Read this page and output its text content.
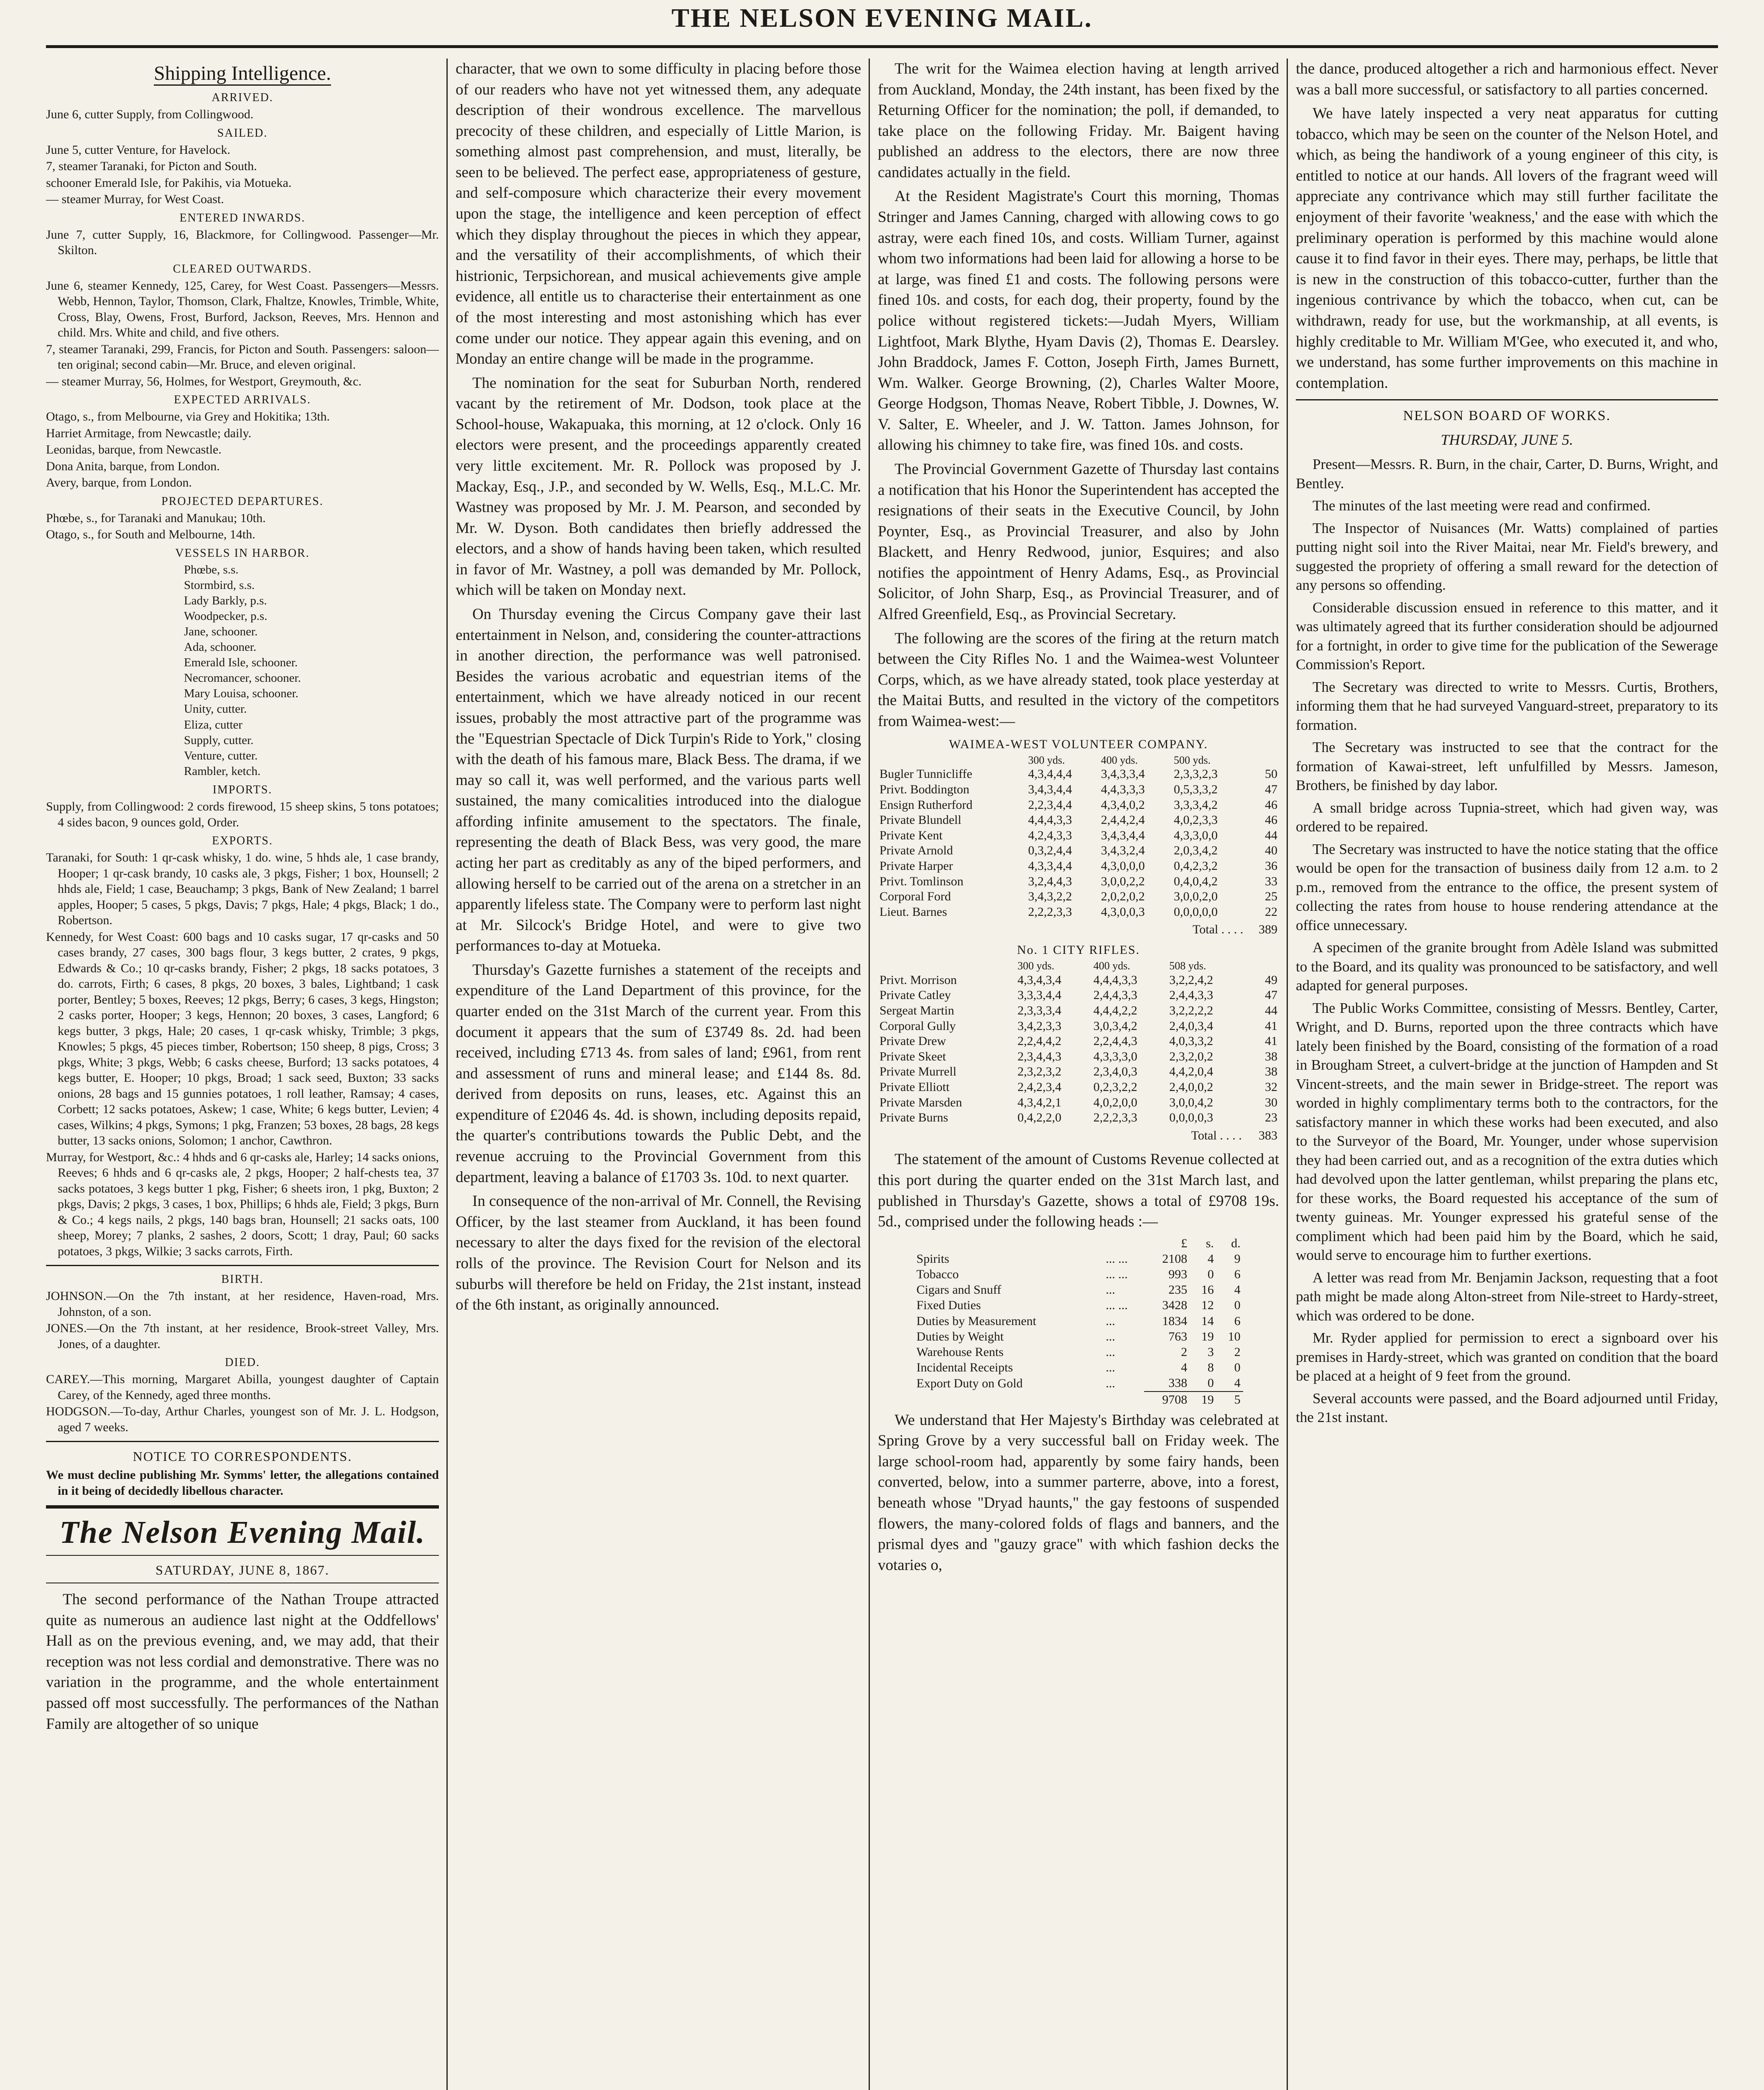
THE NELSON EVENING MAIL.
Shipping Intelligence.
ARRIVED.

June 6, cutter Supply, from Collingwood.

SAILED.

June 5, cutter Venture, for Havelock.

7, steamer Taranaki, for Picton and South.

schooner Emerald Isle, for Pakihis, via Motueka.

— steamer Murray, for West Coast.

ENTERED INWARDS.

June 7, cutter Supply, 16, Blackmore, for Collingwood. Passenger—Mr. Skilton.

CLEARED OUTWARDS.

June 6, steamer Kennedy, 125, Carey, for West Coast. Passengers—Messrs. Webb, Hennon, Taylor, Thomson, Clark, Fhaltze, Knowles, Trimble, White, Cross, Blay, Owens, Frost, Burford, Jackson, Reeves, Mrs. Hennon and child. Mrs. White and child, and five others.

7, steamer Taranaki, 299, Francis, for Picton and South. Passengers: saloon—ten original; second cabin—Mr. Bruce, and eleven original.

— steamer Murray, 56, Holmes, for Westport, Greymouth, &c.

EXPECTED ARRIVALS.

Otago, s., from Melbourne, via Grey and Hokitika; 13th.

Harriet Armitage, from Newcastle; daily.

Leonidas, barque, from Newcastle.

Dona Anita, barque, from London.

Avery, barque, from London.

PROJECTED DEPARTURES.

Phœbe, s., for Taranaki and Manukau; 10th.

Otago, s., for South and Melbourne, 14th.

VESSELS IN HARBOR.
Phœbe, s.s.
Stormbird, s.s.
Lady Barkly, p.s.
Woodpecker, p.s.
Jane, schooner.
Ada, schooner.
Emerald Isle, schooner.
Necromancer, schooner.
Mary Louisa, schooner.
Unity, cutter.
Eliza, cutter
Supply, cutter.
Venture, cutter.
Rambler, ketch.
IMPORTS.

Supply, from Collingwood: 2 cords firewood, 15 sheep skins, 5 tons potatoes; 4 sides bacon, 9 ounces gold, Order.

EXPORTS.

Taranaki, for South: 1 qr-cask whisky, 1 do. wine, 5 hhds ale, 1 case brandy, Hooper; 1 qr-cask brandy, 10 casks ale, 3 pkgs, Fisher; 1 box, Hounsell; 2 hhds ale, Field; 1 case, Beauchamp; 3 pkgs, Bank of New Zealand; 1 barrel apples, Hooper; 5 cases, 5 pkgs, Davis; 7 pkgs, Hale; 4 pkgs, Black; 1 do., Robertson.

Kennedy, for West Coast: 600 bags and 10 casks sugar, 17 qr-casks and 50 cases brandy, 27 cases, 300 bags flour, 3 kegs butter, 2 crates, 9 pkgs, Edwards & Co.; 10 qr-casks brandy, Fisher; 2 pkgs, 18 sacks potatoes, 3 do. carrots, Firth; 6 cases, 8 pkgs, 20 boxes, 3 bales, Lightband; 1 cask porter, Bentley; 5 boxes, Reeves; 12 pkgs, Berry; 6 cases, 3 kegs, Hingston; 2 casks porter, Hooper; 3 kegs, Hennon; 20 boxes, 3 cases, Langford; 6 kegs butter, 3 pkgs, Hale; 20 cases, 1 qr-cask whisky, Trimble; 3 pkgs, Knowles; 5 pkgs, 45 pieces timber, Robertson; 150 sheep, 8 pigs, Cross; 3 pkgs, White; 3 pkgs, Webb; 6 casks cheese, Burford; 13 sacks potatoes, 4 kegs butter, E. Hooper; 10 pkgs, Broad; 1 sack seed, Buxton; 33 sacks onions, 28 bags and 15 gunnies potatoes, 1 roll leather, Ramsay; 4 cases, Corbett; 12 sacks potatoes, Askew; 1 case, White; 6 kegs butter, Levien; 4 cases, Wilkins; 4 pkgs, Symons; 1 pkg, Franzen; 53 boxes, 28 bags, 28 kegs butter, 13 sacks onions, Solomon; 1 anchor, Cawthron.

Murray, for Westport, &c.: 4 hhds and 6 qr-casks ale, Harley; 14 sacks onions, Reeves; 6 hhds and 6 qr-casks ale, 2 pkgs, Hooper; 2 half-chests tea, 37 sacks potatoes, 3 kegs butter 1 pkg, Fisher; 6 sheets iron, 1 pkg, Buxton; 2 pkgs, Davis; 2 pkgs, 3 cases, 1 box, Phillips; 6 hhds ale, Field; 3 pkgs, Burn & Co.; 4 kegs nails, 2 pkgs, 140 bags bran, Hounsell; 21 sacks oats, 100 sheep, Morey; 7 planks, 2 sashes, 2 doors, Scott; 1 dray, Paul; 60 sacks potatoes, 3 pkgs, Wilkie; 3 sacks carrots, Firth.

BIRTH.

JOHNSON.—On the 7th instant, at her residence, Haven-road, Mrs. Johnston, of a son.

JONES.—On the 7th instant, at her residence, Brook-street Valley, Mrs. Jones, of a daughter.

DIED.

CAREY.—This morning, Margaret Abilla, youngest daughter of Captain Carey, of the Kennedy, aged three months.

HODGSON.—To-day, Arthur Charles, youngest son of Mr. J. L. Hodgson, aged 7 weeks.

NOTICE TO CORRESPONDENTS.

We must decline publishing Mr. Symms' letter, the allegations contained in it being of decidedly libellous character.

The Nelson Evening Mail.
SATURDAY, JUNE 8, 1867.

The second performance of the Nathan Troupe attracted quite as numerous an audience last night at the Oddfellows' Hall as on the previous evening, and, we may add, that their reception was not less cordial and demonstrative. There was no variation in the programme, and the whole entertainment passed off most successfully. The performances of the Nathan Family are altogether of so unique

character, that we own to some difficulty in placing before those of our readers who have not yet witnessed them, any adequate description of their wondrous excellence. The marvellous precocity of these children, and especially of Little Marion, is something almost past comprehension, and must, literally, be seen to be believed. The perfect ease, appropriateness of gesture, and self-composure which characterize their every movement upon the stage, the intelligence and keen perception of effect which they display throughout the pieces in which they appear, and the versatility of their accomplishments, of which their histrionic, Terpsichorean, and musical achievements give ample evidence, all entitle us to characterise their entertainment as one of the most interesting and most astonishing which has ever come under our notice. They appear again this evening, and on Monday an entire change will be made in the programme.

The nomination for the seat for Suburban North, rendered vacant by the retirement of Mr. Dodson, took place at the School-house, Wakapuaka, this morning, at 12 o'clock. Only 16 electors were present, and the proceedings apparently created very little excitement. Mr. R. Pollock was proposed by J. Mackay, Esq., J.P., and seconded by W. Wells, Esq., M.L.C. Mr. Wastney was proposed by Mr. J. M. Pearson, and seconded by Mr. W. Dyson. Both candidates then briefly addressed the electors, and a show of hands having been taken, which resulted in favor of Mr. Wastney, a poll was demanded by Mr. Pollock, which will be taken on Monday next.

On Thursday evening the Circus Company gave their last entertainment in Nelson, and, considering the counter-attractions in another direction, the performance was well patronised. Besides the various acrobatic and equestrian items of the entertainment, which we have already noticed in our recent issues, probably the most attractive part of the programme was the "Equestrian Spectacle of Dick Turpin's Ride to York," closing with the death of his famous mare, Black Bess. The drama, if we may so call it, was well performed, and the various parts well sustained, the many comicalities introduced into the dialogue affording infinite amusement to the spectators. The finale, representing the death of Black Bess, was very good, the mare acting her part as creditably as any of the biped performers, and allowing herself to be carried out of the arena on a stretcher in an apparently lifeless state. The Company were to perform last night at Mr. Silcock's Bridge Hotel, and were to give two performances to-day at Motueka.

Thursday's Gazette furnishes a statement of the receipts and expenditure of the Land Department of this province, for the quarter ended on the 31st March of the current year. From this document it appears that the sum of £3749 8s. 2d. had been received, including £713 4s. from sales of land; £961, from rent and assessment of runs and mineral lease; and £144 8s. 8d. derived from deposits on runs, leases, etc. Against this an expenditure of £2046 4s. 4d. is shown, including deposits repaid, the quarter's contributions towards the Public Debt, and the revenue accruing to the Provincial Government from this department, leaving a balance of £1703 3s. 10d. to next quarter.

In consequence of the non-arrival of Mr. Connell, the Revising Officer, by the last steamer from Auckland, it has been found necessary to alter the days fixed for the revision of the electoral rolls of the province. The Revision Court for Nelson and its suburbs will therefore be held on Friday, the 21st instant, instead of the 6th instant, as originally announced.

The writ for the Waimea election having at length arrived from Auckland, Monday, the 24th instant, has been fixed by the Returning Officer for the nomination; the poll, if demanded, to take place on the following Friday. Mr. Baigent having published an address to the electors, there are now three candidates actually in the field.

At the Resident Magistrate's Court this morning, Thomas Stringer and James Canning, charged with allowing cows to go astray, were each fined 10s, and costs. William Turner, against whom two informations had been laid for allowing a horse to be at large, was fined £1 and costs. The following persons were fined 10s. and costs, for each dog, their property, found by the police without registered tickets:—Judah Myers, William Lightfoot, Mark Blythe, Hyam Davis (2), Thomas E. Dearsley. John Braddock, James F. Cotton, Joseph Firth, James Burnett, Wm. Walker. George Browning, (2), Charles Walter Moore, George Hodgson, Thomas Neave, Robert Tibble, J. Downes, W. V. Salter, E. Wheeler, and J. W. Tatton. James Johnson, for allowing his chimney to take fire, was fined 10s. and costs.

The Provincial Government Gazette of Thursday last contains a notification that his Honor the Superintendent has accepted the resignations of their seats in the Executive Council, by John Poynter, Esq., as Provincial Treasurer, and also by John Blackett, and Henry Redwood, junior, Esquires; and also notifies the appointment of Henry Adams, Esq., as Provincial Solicitor, of John Sharp, Esq., as Provincial Treasurer, and of Alfred Greenfield, Esq., as Provincial Secretary.

The following are the scores of the firing at the return match between the City Rifles No. 1 and the Waimea-west Volunteer Corps, which, as we have already stated, took place yesterday at the Maitai Butts, and resulted in the victory of the competitors from Waimea-west:—

WAIMEA-WEST VOLUNTEER COMPANY.
	300 yds.	400 yds.	500 yds.	
Bugler Tunnicliffe	4,3,4,4,4	3,4,3,3,4	2,3,3,2,3	50
Privt. Boddington	3,4,3,4,4	4,4,3,3,3	0,5,3,3,2	47
Ensign Rutherford	2,2,3,4,4	4,3,4,0,2	3,3,3,4,2	46
Private Blundell	4,4,4,3,3	2,4,4,2,4	4,0,2,3,3	46
Private Kent	4,2,4,3,3	3,4,3,4,4	4,3,3,0,0	44
Private Arnold	0,3,2,4,4	3,4,3,2,4	2,0,3,4,2	40
Private Harper	4,3,3,4,4	4,3,0,0,0	0,4,2,3,2	36
Privt. Tomlinson	3,2,4,4,3	3,0,0,2,2	0,4,0,4,2	33
Corporal Ford	3,4,3,2,2	2,0,2,0,2	3,0,0,2,0	25
Lieut. Barnes	2,2,2,3,3	4,3,0,0,3	0,0,0,0,0	22
		Total . . . .		389
No. 1 CITY RIFLES.
	300 yds.	400 yds.	508 yds.	
Privt. Morrison	4,3,4,3,4	4,4,4,3,3	3,2,2,4,2	49
Private Catley	3,3,3,4,4	2,4,4,3,3	2,4,4,3,3	47
Sergeat Martin	2,3,3,3,4	4,4,4,2,2	3,2,2,2,2	44
Corporal Gully	3,4,2,3,3	3,0,3,4,2	2,4,0,3,4	41
Private Drew	2,2,4,4,2	2,2,4,4,3	4,0,3,3,2	41
Private Skeet	2,3,4,4,3	4,3,3,3,0	2,3,2,0,2	38
Private Murrell	2,3,2,3,2	2,3,4,0,3	4,4,2,0,4	38
Private Elliott	2,4,2,3,4	0,2,3,2,2	2,4,0,0,2	32
Private Marsden	4,3,4,2,1	4,0,2,0,0	3,0,0,4,2	30
Private Burns	0,4,2,2,0	2,2,2,3,3	0,0,0,0,3	23
		Total . . . .		383

The statement of the amount of Customs Revenue collected at this port during the quarter ended on the 31st March last, and published in Thursday's Gazette, shows a total of £9708 19s. 5d., comprised under the following heads :—

		£	s.	d.
Spirits	... ...	2108	4	9
Tobacco	... ...	993	0	6
Cigars and Snuff	...	235	16	4
Fixed Duties	... ...	3428	12	0
Duties by Measurement	...	1834	14	6
Duties by Weight	...	763	19	10
Warehouse Rents	...	2	3	2
Incidental Receipts	...	4	8	0
Export Duty on Gold	...	338	0	4
		9708	19	5

We understand that Her Majesty's Birthday was celebrated at Spring Grove by a very successful ball on Friday week. The large school-room had, apparently by some fairy hands, been converted, below, into a summer parterre, above, into a forest, beneath whose "Dryad haunts," the gay festoons of suspended flowers, the many-colored folds of flags and banners, and the prismal dyes and "gauzy grace" with which fashion decks the votaries o,

the dance, produced altogether a rich and harmonious effect. Never was a ball more successful, or satisfactory to all parties concerned.

We have lately inspected a very neat apparatus for cutting tobacco, which may be seen on the counter of the Nelson Hotel, and which, as being the handiwork of a young engineer of this city, is entitled to notice at our hands. All lovers of the fragrant weed will appreciate any contrivance which may still further facilitate the enjoyment of their favorite 'weakness,' and the ease with which the preliminary operation is performed by this machine would alone cause it to find favor in their eyes. There may, perhaps, be little that is new in the construction of this tobacco-cutter, further than the ingenious contrivance by which the tobacco, when cut, can be withdrawn, ready for use, but the workmanship, at all events, is highly creditable to Mr. William M'Gee, who executed it, and who, we understand, has some further improvements on this machine in contemplation.

NELSON BOARD OF WORKS.
THURSDAY, JUNE 5.

Present—Messrs. R. Burn, in the chair, Carter, D. Burns, Wright, and Bentley.

The minutes of the last meeting were read and confirmed.

The Inspector of Nuisances (Mr. Watts) complained of parties putting night soil into the River Maitai, near Mr. Field's brewery, and suggested the propriety of offering a small reward for the detection of any persons so offending.

Considerable discussion ensued in reference to this matter, and it was ultimately agreed that its further consideration should be adjourned for a fortnight, in order to give time for the publication of the Sewerage Commission's Report.

The Secretary was directed to write to Messrs. Curtis, Brothers, informing them that he had surveyed Vanguard-street, preparatory to its formation.

The Secretary was instructed to see that the contract for the formation of Kawai-street, left unfulfilled by Messrs. Jameson, Brothers, be finished by day labor.

A small bridge across Tupnia-street, which had given way, was ordered to be repaired.

The Secretary was instructed to have the notice stating that the office would be open for the transaction of business daily from 12 a.m. to 2 p.m., removed from the entrance to the office, the present system of collecting the rates from house to house rendering attendance at the office unnecessary.

A specimen of the granite brought from Adèle Island was submitted to the Board, and its quality was pronounced to be satisfactory, and well adapted for general purposes.

The Public Works Committee, consisting of Messrs. Bentley, Carter, Wright, and D. Burns, reported upon the three contracts which have lately been finished by the Board, consisting of the formation of a road in Brougham Street, a culvert-bridge at the junction of Hampden and St Vincent-streets, and the main sewer in Bridge-street. The report was worded in highly complimentary terms both to the contractors, for the satisfactory manner in which these works had been executed, and also to the Surveyor of the Board, Mr. Younger, under whose supervision they had been carried out, and as a recognition of the extra duties which had devolved upon the latter gentleman, whilst preparing the plans etc, for these works, the Board requested his acceptance of the sum of twenty guineas. Mr. Younger expressed his grateful sense of the compliment which had been paid him by the Board, which he said, would serve to encourage him to further exertions.

A letter was read from Mr. Benjamin Jackson, requesting that a foot path might be made along Alton-street from Nile-street to Hardy-street, which was ordered to be done.

Mr. Ryder applied for permission to erect a signboard over his premises in Hardy-street, which was granted on condition that the board be placed at a height of 9 feet from the ground.

Several accounts were passed, and the Board adjourned until Friday, the 21st instant.
